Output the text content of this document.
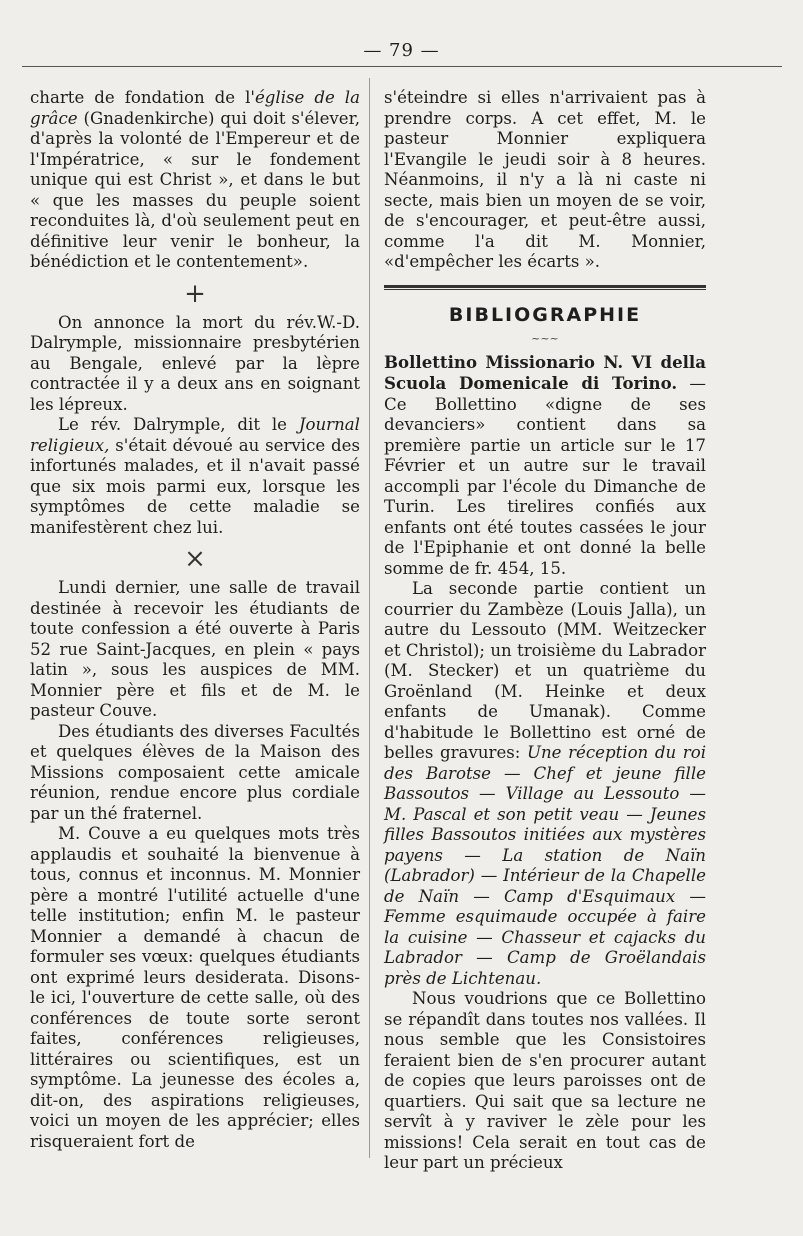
— 79 —

charte de fondation de l'église de la grâce (Gnadenkirche) qui doit s'élever, d'après la volonté de l'Empereur et de l'Impératrice, « sur le fondement unique qui est Christ », et dans le but « que les masses du peuple soient reconduites là, d'où seulement peut en définitive leur venir le bonheur, la bénédiction et le contentement».

+

On annonce la mort du rév.W.-D. Dalrymple, missionnaire presbytérien au Bengale, enlevé par la lèpre contractée il y a deux ans en soignant les lépreux.

Le rév. Dalrymple, dit le Journal religieux, s'était dévoué au service des infortunés malades, et il n'avait passé que six mois parmi eux, lorsque les symptômes de cette maladie se manifestèrent chez lui.

×

Lundi dernier, une salle de travail destinée à recevoir les étudiants de toute confession a été ouverte à Paris 52 rue Saint-Jacques, en plein « pays latin », sous les auspices de MM. Monnier père et fils et de M. le pasteur Couve.

Des étudiants des diverses Facultés et quelques élèves de la Maison des Missions composaient cette amicale réunion, rendue encore plus cordiale par un thé fraternel.

M. Couve a eu quelques mots très applaudis et souhaité la bienvenue à tous, connus et inconnus. M. Monnier père a montré l'utilité actuelle d'une telle institution; enfin M. le pasteur Monnier a demandé à chacun de formuler ses vœux: quelques étudiants ont exprimé leurs desiderata. Disons-le ici, l'ouverture de cette salle, où des conférences de toute sorte seront faites, conférences religieuses, littéraires ou scientifiques, est un symptôme. La jeunesse des écoles a, dit-on, des aspirations religieuses, voici un moyen de les apprécier; elles risqueraient fort de

s'éteindre si elles n'arrivaient pas à prendre corps. A cet effet, M. le pasteur Monnier expliquera l'Evangile le jeudi soir à 8 heures. Néanmoins, il n'y a là ni caste ni secte, mais bien un moyen de se voir, de s'encourager, et peut-être aussi, comme l'a dit M. Monnier, «d'empêcher les écarts ».

BIBLIOGRAPHIE
~~~

Bollettino Missionario N. VI della Scuola Domenicale di Torino. — Ce Bollettino «digne de ses devanciers» contient dans sa première partie un article sur le 17 Février et un autre sur le travail accompli par l'école du Dimanche de Turin. Les tirelires confiés aux enfants ont été toutes cassées le jour de l'Epiphanie et ont donné la belle somme de fr. 454, 15.

La seconde partie contient un courrier du Zambèze (Louis Jalla), un autre du Lessouto (MM. Weitzecker et Christol); un troisième du Labrador (M. Stecker) et un quatrième du Groënland (M. Heinke et deux enfants de Umanak). Comme d'habitude le Bollettino est orné de belles gravures: Une réception du roi des Barotse — Chef et jeune fille Bassoutos — Village au Lessouto — M. Pascal et son petit veau — Jeunes filles Bassoutos initiées aux mystères payens — La station de Naïn (Labrador) — Intérieur de la Chapelle de Naïn — Camp d'Esquimaux — Femme esquimaude occupée à faire la cuisine — Chasseur et cajacks du Labrador — Camp de Groëlandais près de Lichtenau.

Nous voudrions que ce Bollettino se répandît dans toutes nos vallées. Il nous semble que les Consistoires feraient bien de s'en procurer autant de copies que leurs paroisses ont de quartiers. Qui sait que sa lecture ne servît à y raviver le zèle pour les missions! Cela serait en tout cas de leur part un précieux
